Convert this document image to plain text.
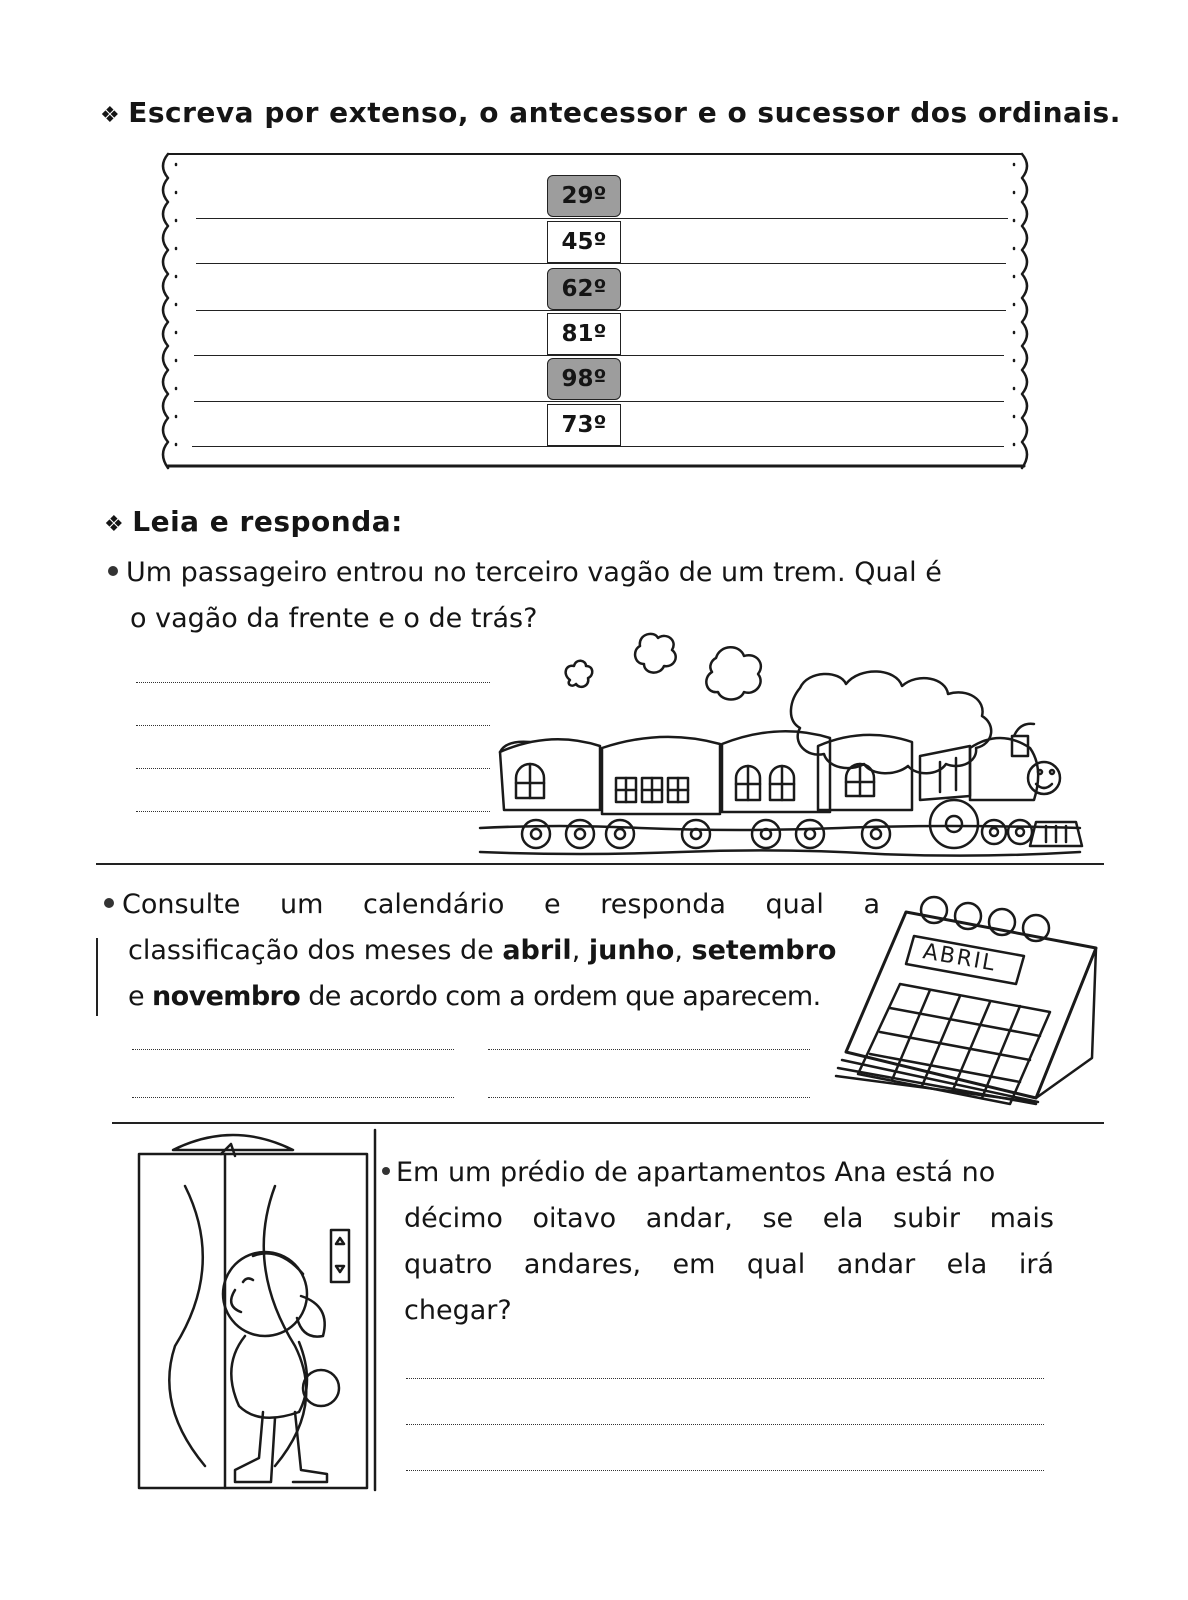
❖ Escreva por extenso, o antecessor e o sucessor dos ordinais.
29º
45º
62º
81º
98º
73º
❖ Leia e responda:
Um passageiro entrou no terceiro vagão de um trem. Qual é
o vagão da frente e o de trás?
Consulte um calendário e responda qual a
classificação dos meses de abril, junho, setembro
e novembro de acordo com a ordem que aparecem.
ABRIL
Em um prédio de apartamentos Ana está no
décimo oitavo andar, se ela subir mais
quatro andares, em qual andar ela irá
chegar?
